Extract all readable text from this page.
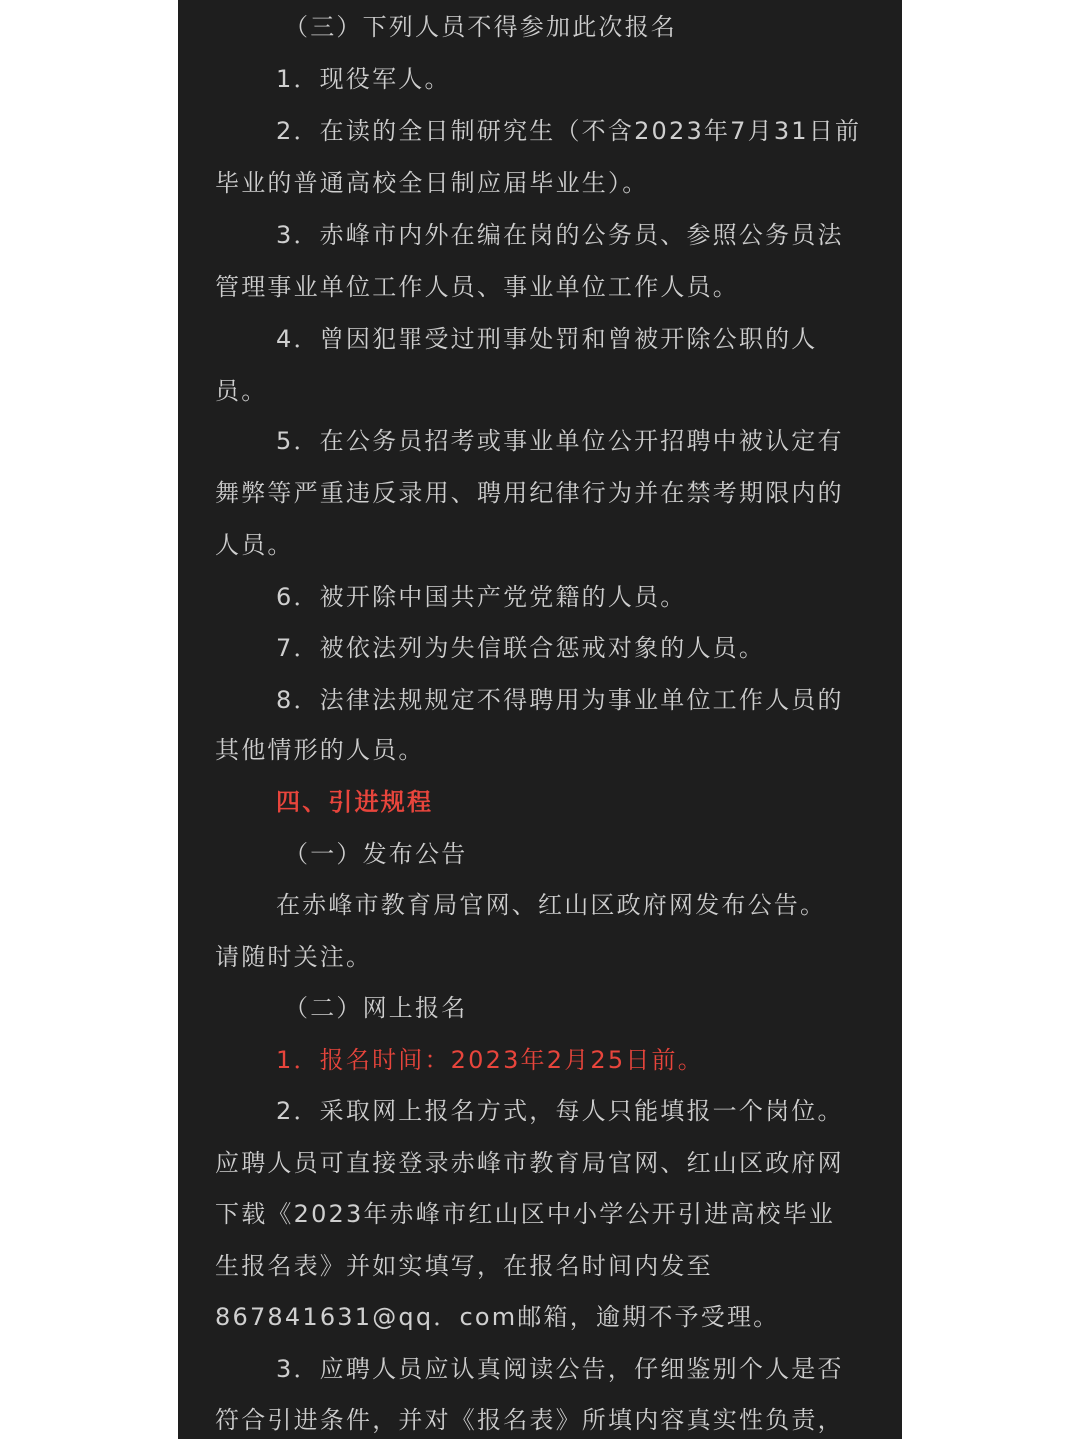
（三）下列人员不得参加此次报名
1．现役军人。
2．在读的全日制研究生（不含2023年7月31日前
毕业的普通高校全日制应届毕业生）。
3．赤峰市内外在编在岗的公务员、参照公务员法
管理事业单位工作人员、事业单位工作人员。
4．曾因犯罪受过刑事处罚和曾被开除公职的人
员。
5．在公务员招考或事业单位公开招聘中被认定有
舞弊等严重违反录用、聘用纪律行为并在禁考期限内的
人员。
6．被开除中国共产党党籍的人员。
7．被依法列为失信联合惩戒对象的人员。
8．法律法规规定不得聘用为事业单位工作人员的
其他情形的人员。
四、引进规程
（一）发布公告
在赤峰市教育局官网、红山区政府网发布公告。
请随时关注。
（二）网上报名
1．报名时间：2023年2月25日前。
2．采取网上报名方式，每人只能填报一个岗位。
应聘人员可直接登录赤峰市教育局官网、红山区政府网
下载《2023年赤峰市红山区中小学公开引进高校毕业
生报名表》并如实填写，在报名时间内发至
867841631@qq．com邮箱，逾期不予受理。
3．应聘人员应认真阅读公告，仔细鉴别个人是否
符合引进条件，并对《报名表》所填内容真实性负责，
